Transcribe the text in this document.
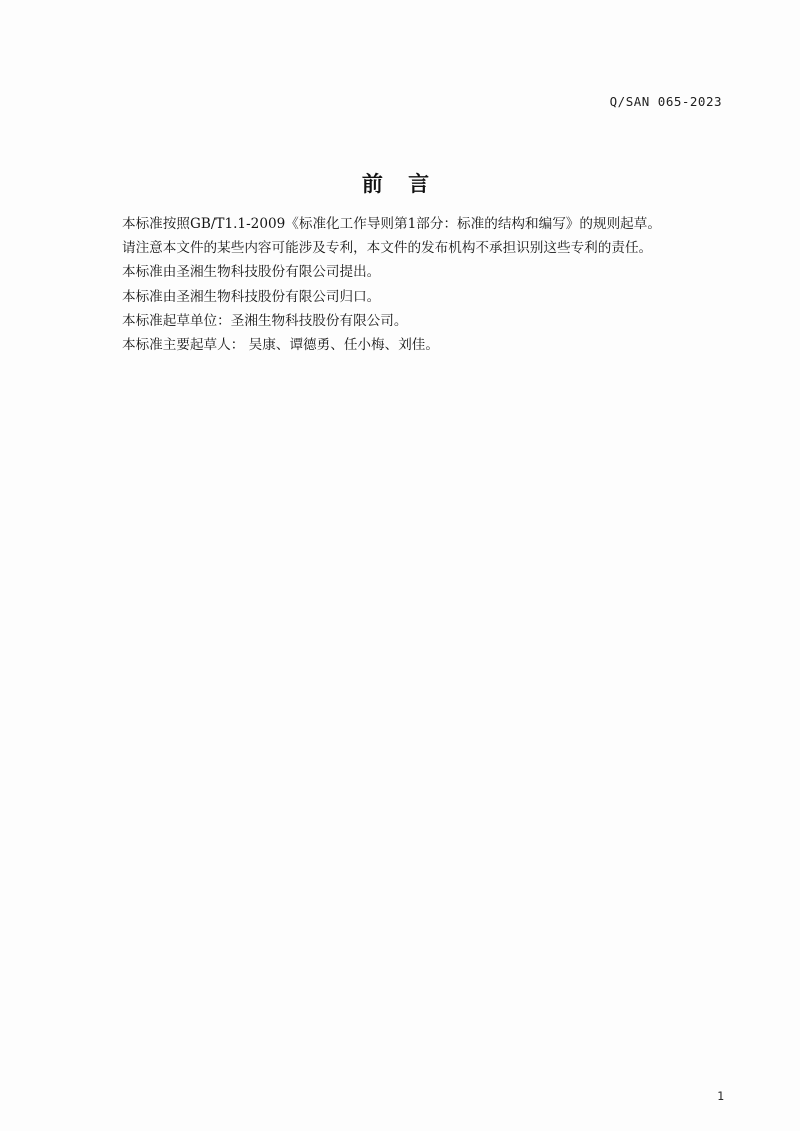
Q/SAN 065-2023
前 言
本标准按照GB/T1.1-2009《标准化工作导则第1部分：标准的结构和编写》的规则起草。
请注意本文件的某些内容可能涉及专利，本文件的发布机构不承担识别这些专利的责任。
本标准由圣湘生物科技股份有限公司提出。
本标准由圣湘生物科技股份有限公司归口。
本标准起草单位：圣湘生物科技股份有限公司。
本标准主要起草人： 吴康、谭德勇、任小梅、刘佳。
1
